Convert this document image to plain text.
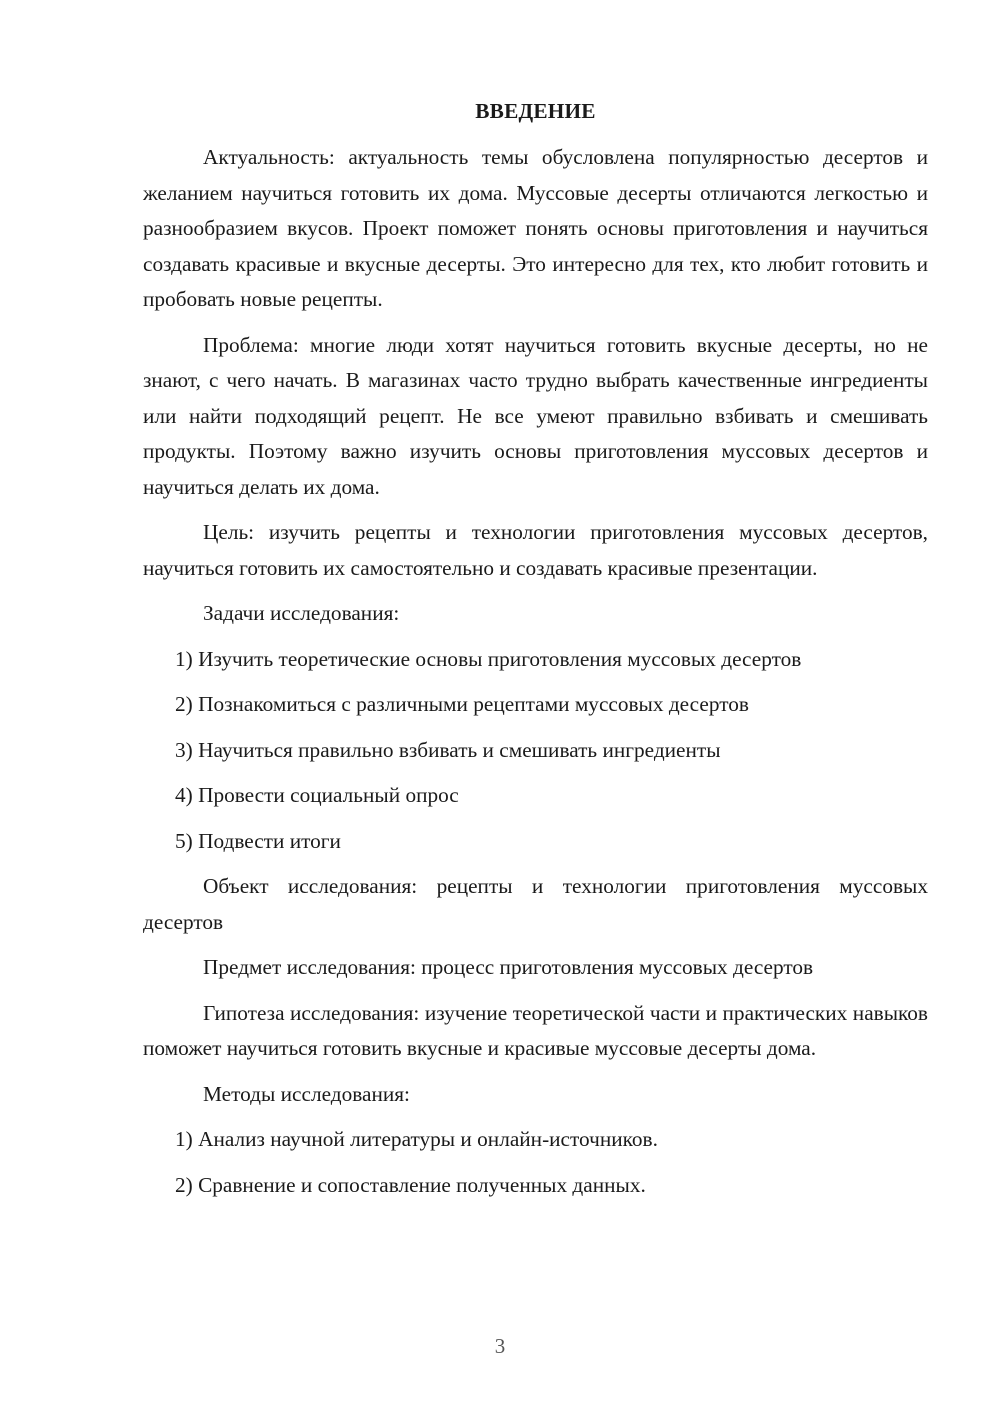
ВВЕДЕНИЕ
Актуальность: актуальность темы обусловлена популярностью десертов и желанием научиться готовить их дома. Муссовые десерты отличаются легкостью и разнообразием вкусов. Проект поможет понять основы приготовления и научиться создавать красивые и вкусные десерты. Это интересно для тех, кто любит готовить и пробовать новые рецепты.
Проблема: многие люди хотят научиться готовить вкусные десерты, но не знают, с чего начать. В магазинах часто трудно выбрать качественные ингредиенты или найти подходящий рецепт. Не все умеют правильно взбивать и смешивать продукты. Поэтому важно изучить основы приготовления муссовых десертов и научиться делать их дома.
Цель: изучить рецепты и технологии приготовления муссовых десертов, научиться готовить их самостоятельно и создавать красивые презентации.
Задачи исследования:
1) Изучить теоретические основы приготовления муссовых десертов
2) Познакомиться с различными рецептами муссовых десертов
3) Научиться правильно взбивать и смешивать ингредиенты
4) Провести социальный опрос
5) Подвести итоги
Объект исследования: рецепты и технологии приготовления муссовых десертов
Предмет исследования: процесс приготовления муссовых десертов
Гипотеза исследования: изучение теоретической части и практических навыков поможет научиться готовить вкусные и красивые муссовые десерты дома.
Методы исследования:
1) Анализ научной литературы и онлайн-источников.
2) Сравнение и сопоставление полученных данных.
3
